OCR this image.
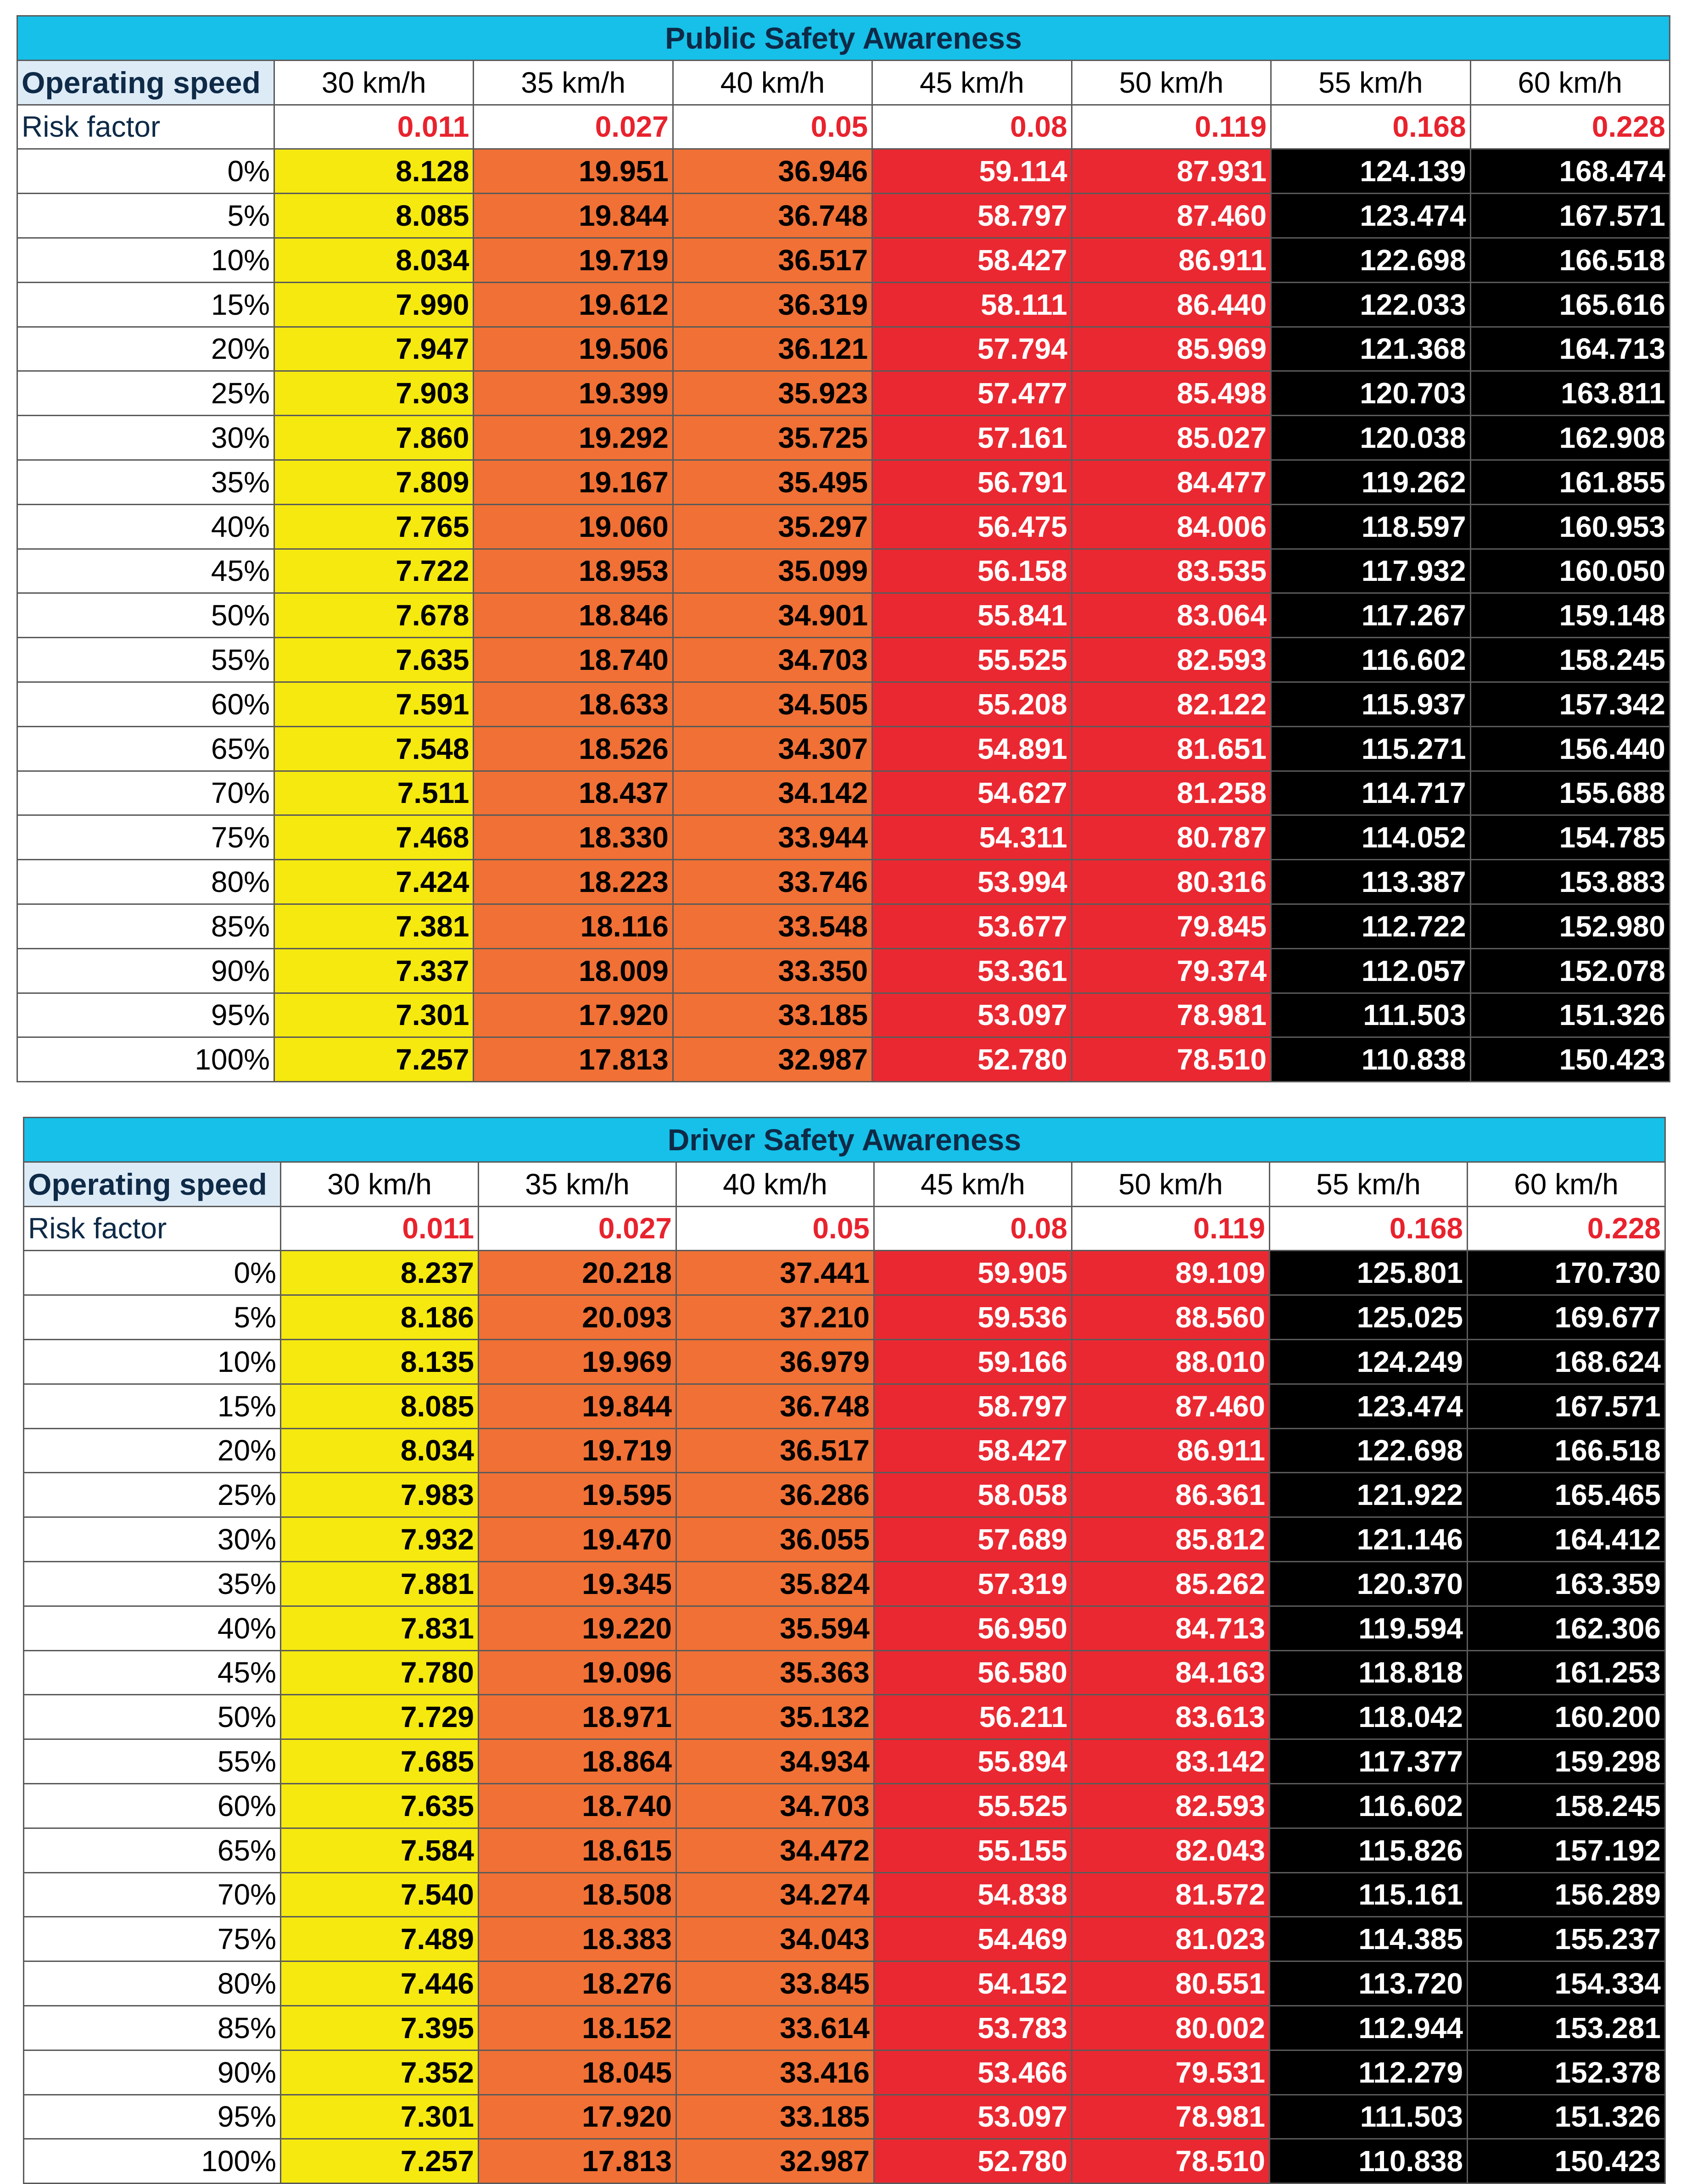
Public Safety Awareness							
Operating speed	30 km/h	35 km/h	40 km/h	45 km/h	50 km/h	55 km/h	60 km/h
Risk factor	0.011	0.027	0.05	0.08	0.119	0.168	0.228
0%	8.128	19.951	36.946	59.114	87.931	124.139	168.474
5%	8.085	19.844	36.748	58.797	87.460	123.474	167.571
10%	8.034	19.719	36.517	58.427	86.911	122.698	166.518
15%	7.990	19.612	36.319	58.111	86.440	122.033	165.616
20%	7.947	19.506	36.121	57.794	85.969	121.368	164.713
25%	7.903	19.399	35.923	57.477	85.498	120.703	163.811
30%	7.860	19.292	35.725	57.161	85.027	120.038	162.908
35%	7.809	19.167	35.495	56.791	84.477	119.262	161.855
40%	7.765	19.060	35.297	56.475	84.006	118.597	160.953
45%	7.722	18.953	35.099	56.158	83.535	117.932	160.050
50%	7.678	18.846	34.901	55.841	83.064	117.267	159.148
55%	7.635	18.740	34.703	55.525	82.593	116.602	158.245
60%	7.591	18.633	34.505	55.208	82.122	115.937	157.342
65%	7.548	18.526	34.307	54.891	81.651	115.271	156.440
70%	7.511	18.437	34.142	54.627	81.258	114.717	155.688
75%	7.468	18.330	33.944	54.311	80.787	114.052	154.785
80%	7.424	18.223	33.746	53.994	80.316	113.387	153.883
85%	7.381	18.116	33.548	53.677	79.845	112.722	152.980
90%	7.337	18.009	33.350	53.361	79.374	112.057	152.078
95%	7.301	17.920	33.185	53.097	78.981	111.503	151.326
100%	7.257	17.813	32.987	52.780	78.510	110.838	150.423
Driver Safety Awareness							
Operating speed	30 km/h	35 km/h	40 km/h	45 km/h	50 km/h	55 km/h	60 km/h
Risk factor	0.011	0.027	0.05	0.08	0.119	0.168	0.228
0%	8.237	20.218	37.441	59.905	89.109	125.801	170.730
5%	8.186	20.093	37.210	59.536	88.560	125.025	169.677
10%	8.135	19.969	36.979	59.166	88.010	124.249	168.624
15%	8.085	19.844	36.748	58.797	87.460	123.474	167.571
20%	8.034	19.719	36.517	58.427	86.911	122.698	166.518
25%	7.983	19.595	36.286	58.058	86.361	121.922	165.465
30%	7.932	19.470	36.055	57.689	85.812	121.146	164.412
35%	7.881	19.345	35.824	57.319	85.262	120.370	163.359
40%	7.831	19.220	35.594	56.950	84.713	119.594	162.306
45%	7.780	19.096	35.363	56.580	84.163	118.818	161.253
50%	7.729	18.971	35.132	56.211	83.613	118.042	160.200
55%	7.685	18.864	34.934	55.894	83.142	117.377	159.298
60%	7.635	18.740	34.703	55.525	82.593	116.602	158.245
65%	7.584	18.615	34.472	55.155	82.043	115.826	157.192
70%	7.540	18.508	34.274	54.838	81.572	115.161	156.289
75%	7.489	18.383	34.043	54.469	81.023	114.385	155.237
80%	7.446	18.276	33.845	54.152	80.551	113.720	154.334
85%	7.395	18.152	33.614	53.783	80.002	112.944	153.281
90%	7.352	18.045	33.416	53.466	79.531	112.279	152.378
95%	7.301	17.920	33.185	53.097	78.981	111.503	151.326
100%	7.257	17.813	32.987	52.780	78.510	110.838	150.423
